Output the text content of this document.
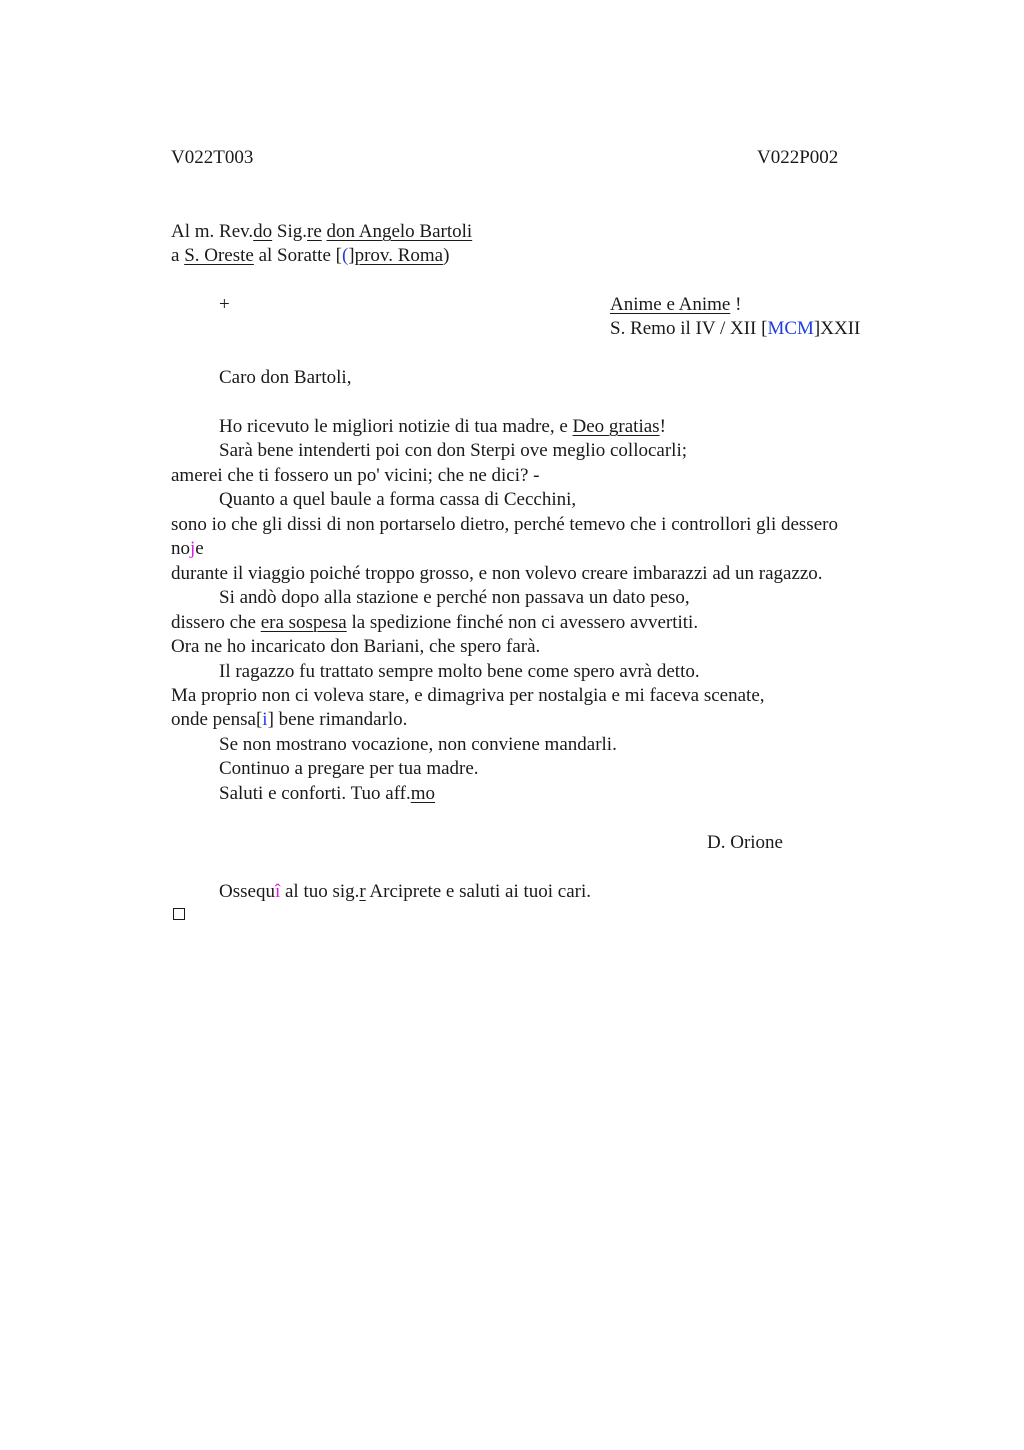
V022T003	V022P002
Al m. Rev.do Sig.re don Angelo Bartoli
a S. Oreste al Soratte [(]prov. Roma)
+	Anime e Anime !
S. Remo il IV / XII [MCM]XXII
Caro don Bartoli,
Ho ricevuto le migliori notizie di tua madre, e Deo gratias!
Sarà bene intenderti poi con don Sterpi ove meglio collocarli;
amerei che ti fossero un po' vicini; che ne dici? -
Quanto a quel baule a forma cassa di Cecchini,
sono io che gli dissi di non portarselo dietro, perché temevo che i controllori gli dessero
noje
durante il viaggio poiché troppo grosso, e non volevo creare imbarazzi ad un ragazzo.
Si andò dopo alla stazione e perché non passava un dato peso,
dissero che era sospesa la spedizione finché non ci avessero avvertiti.
Ora ne ho incaricato don Bariani, che spero farà.
Il ragazzo fu trattato sempre molto bene come spero avrà detto.
Ma proprio non ci voleva stare, e dimagriva per nostalgia e mi faceva scenate,
onde pensa[i] bene rimandarlo.
Se non mostrano vocazione, non conviene mandarli.
Continuo a pregare per tua madre.
Saluti e conforti. Tuo aff.mo
D. Orione
Ossequî al tuo sig.r Arciprete e saluti ai tuoi cari.
